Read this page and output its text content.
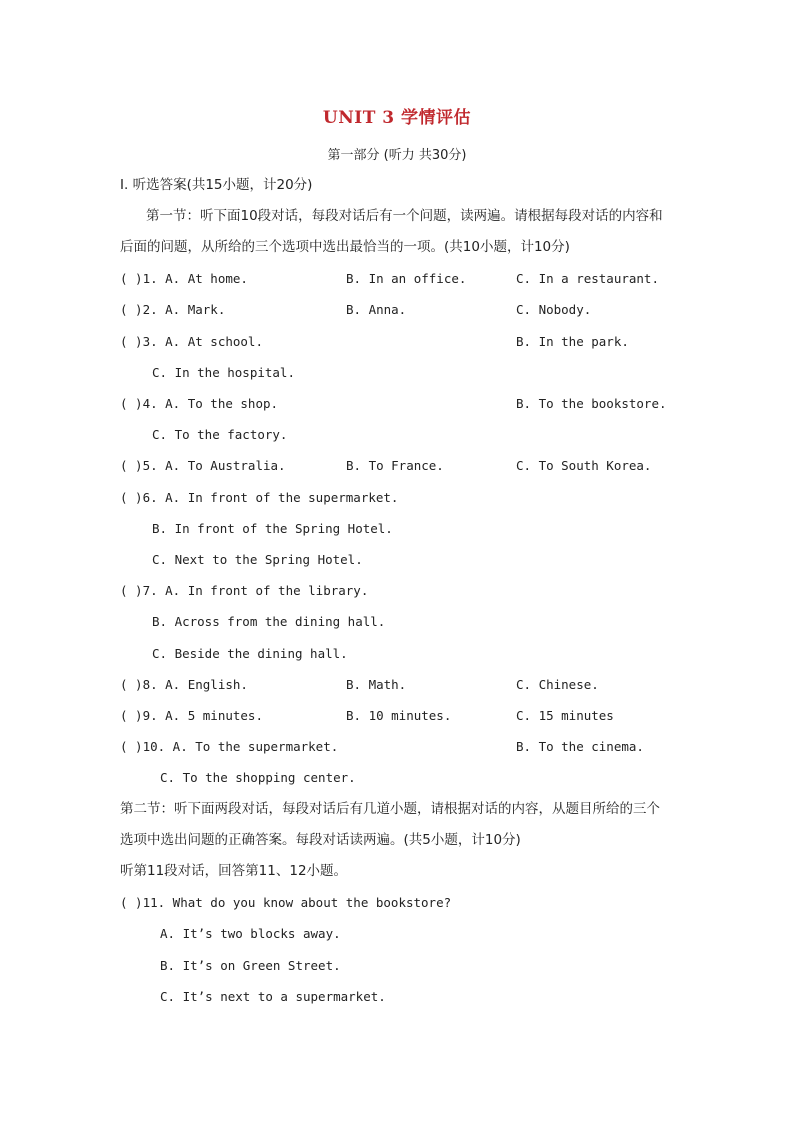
UNIT 3 学情评估
第一部分 (听力 共30分)
Ⅰ. 听选答案(共15小题，计20分)
第一节：听下面10段对话，每段对话后有一个问题，读两遍。请根据每段对话的内容和
后面的问题，从所给的三个选项中选出最恰当的一项。(共10小题，计10分)
( )1. A. At home.	B. In an office.	C. In a restaurant.
( )2. A. Mark.	B. Anna.	C. Nobody.
( )3. A. At school.	B. In the park.
C. In the hospital.
( )4. A. To the shop.	B. To the bookstore.
C. To the factory.
( )5. A. To Australia.	B. To France.	C. To South Korea.
( )6. A. In front of the supermarket.
B. In front of the Spring Hotel.
C. Next to the Spring Hotel.
( )7. A. In front of the library.
B. Across from the dining hall.
C. Beside the dining hall.
( )8. A. English.	B. Math.	C. Chinese.
( )9. A. 5 minutes.	B. 10 minutes.	C. 15 minutes
( )10. A. To the supermarket.	B. To the cinema.
C. To the shopping center.
第二节：听下面两段对话，每段对话后有几道小题，请根据对话的内容，从题目所给的三个
选项中选出问题的正确答案。每段对话读两遍。(共5小题，计10分)
听第11段对话，回答第11、12小题。
( )11. What do you know about the bookstore?
A. It’s two blocks away.
B. It’s on Green Street.
C. It’s next to a supermarket.
